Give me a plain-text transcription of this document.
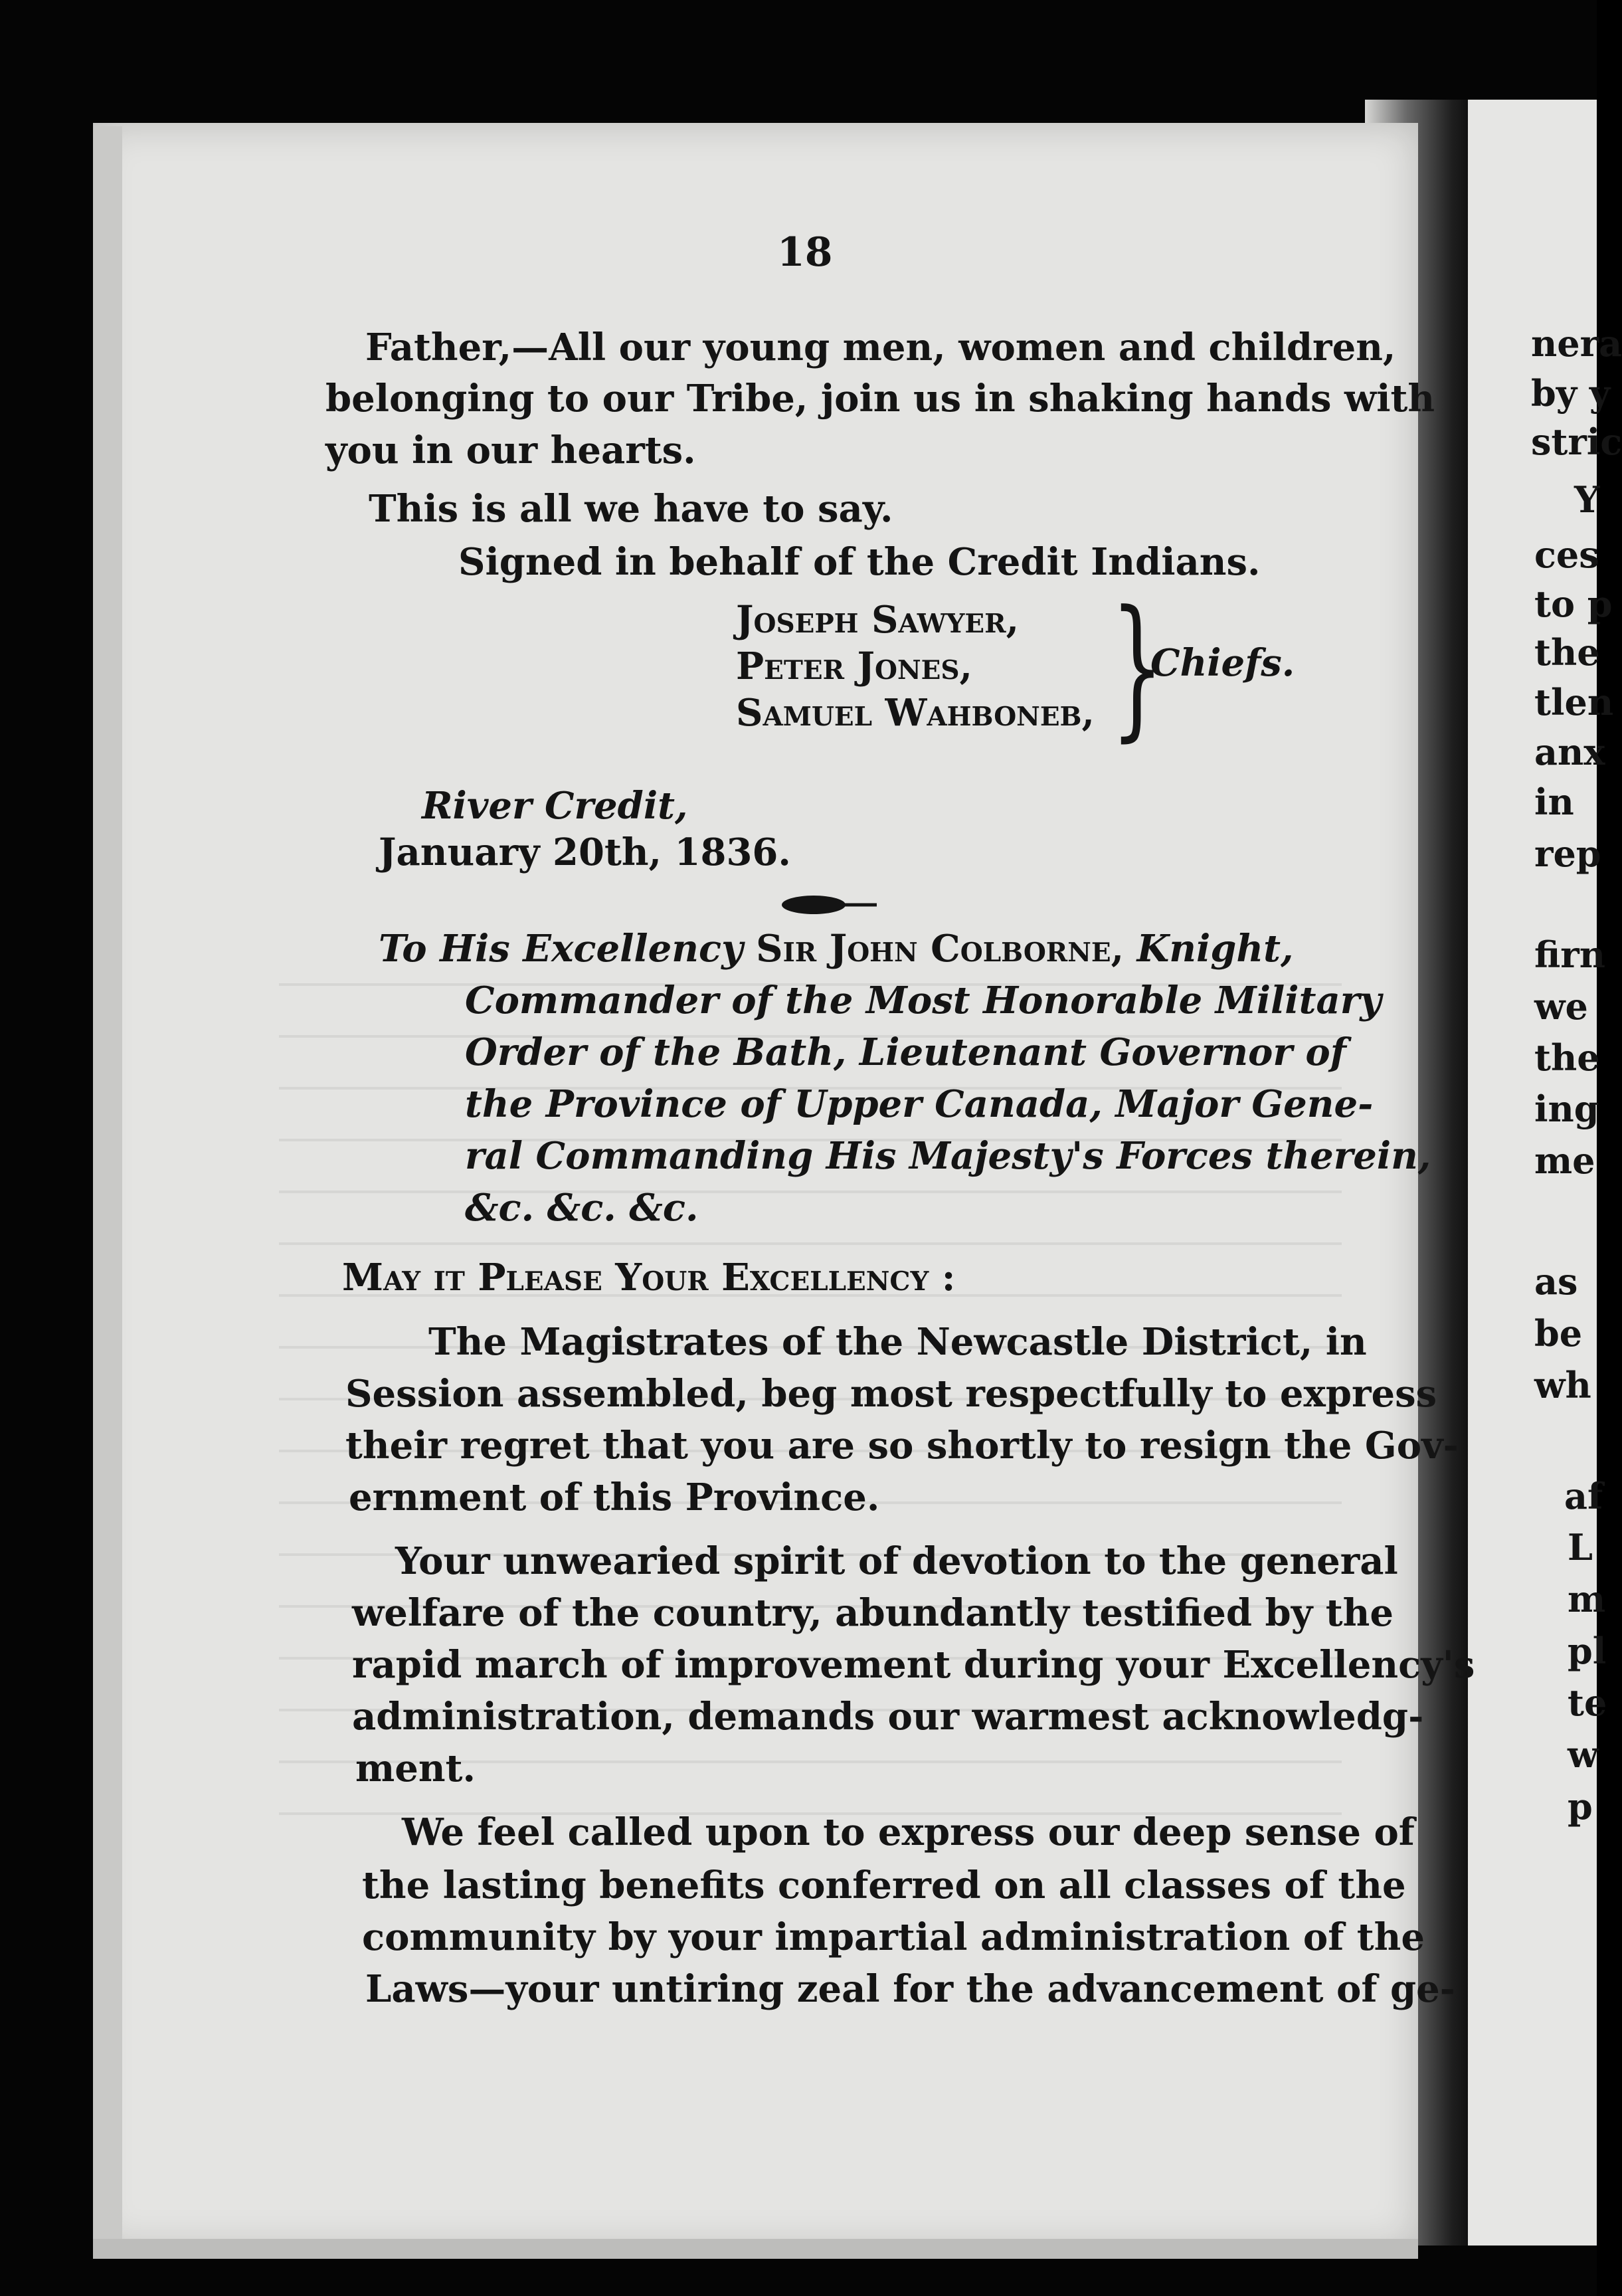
18
Father,—All our young men, women and children,
belonging to our Tribe, join us in shaking hands with
you in our hearts.
This is all we have to say.
Signed in behalf of the Credit Indians.
Joseph Sawyer,
Peter Jones,
Samuel Wahboneb, }
Chiefs.
River Credit,
January 20th, 1836.
To His Excellency Sir John Colborne, Knight,
Commander of the Most Honorable Military
Order of the Bath, Lieutenant Governor of
the Province of Upper Canada, Major Gene-
ral Commanding His Majesty's Forces therein,
&c. &c. &c.
May it Please Your Excellency :
The Magistrates of the Newcastle District, in
Session assembled, beg most respectfully to express
their regret that you are so shortly to resign the Gov-
ernment of this Province.
Your unwearied spirit of devotion to the general
welfare of the country, abundantly testified by the
rapid march of improvement during your Excellency's
administration, demands our warmest acknowledg-
ment.
We feel called upon to express our deep sense of
the lasting benefits conferred on all classes of the
community by your impartial administration of the
Laws—your untiring zeal for the advancement of ge-
nera
by y
stric
Y
ces
to p
the
tlen
anx
in
rep
firn
we
the
ing
me
as
be
wh
af
L
m
pl
te
w
p
